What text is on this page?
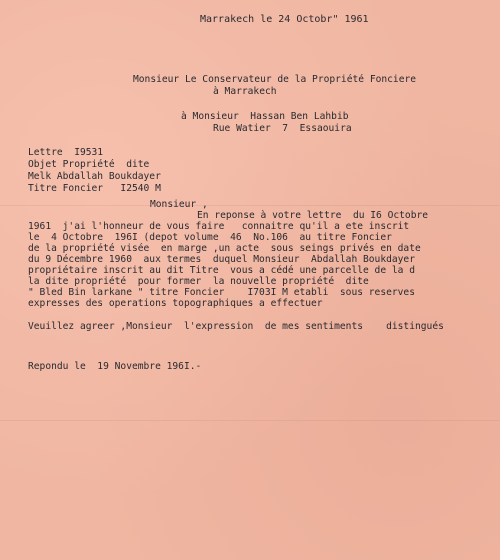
Marrakech le 24 Octobr" 1961
Monsieur Le Conservateur de la Propriété Fonciere
à Marrakech
à Monsieur  Hassan Ben Lahbib
Rue Watier  7  Essaouira
Lettre  I9531
Objet Propriété  dite
Melk Abdallah Boukdayer
Titre Foncier   I2540 M
Monsieur ,
En reponse à votre lettre  du I6 Octobre
1961  j'ai l'honneur de vous faire   connaitre qu'il a ete inscrit
le  4 Octobre  196I (depot volume  46  No.106  au titre Foncier
de la propriété visée  en marge ,un acte  sous seings privés en date
du 9 Décembre 1960  aux termes  duquel Monsieur  Abdallah Boukdayer
propriétaire inscrit au dit Titre  vous a cédé une parcelle de la d
la dite propriété  pour former  la nouvelle propriété  dite
" Bled Bin larkane " titre Foncier    I703I M etabli  sous reserves
expresses des operations topographiques a effectuer
Veuillez agreer ,Monsieur  l'expression  de mes sentiments    distingués
Repondu le  19 Novembre 196I.-
